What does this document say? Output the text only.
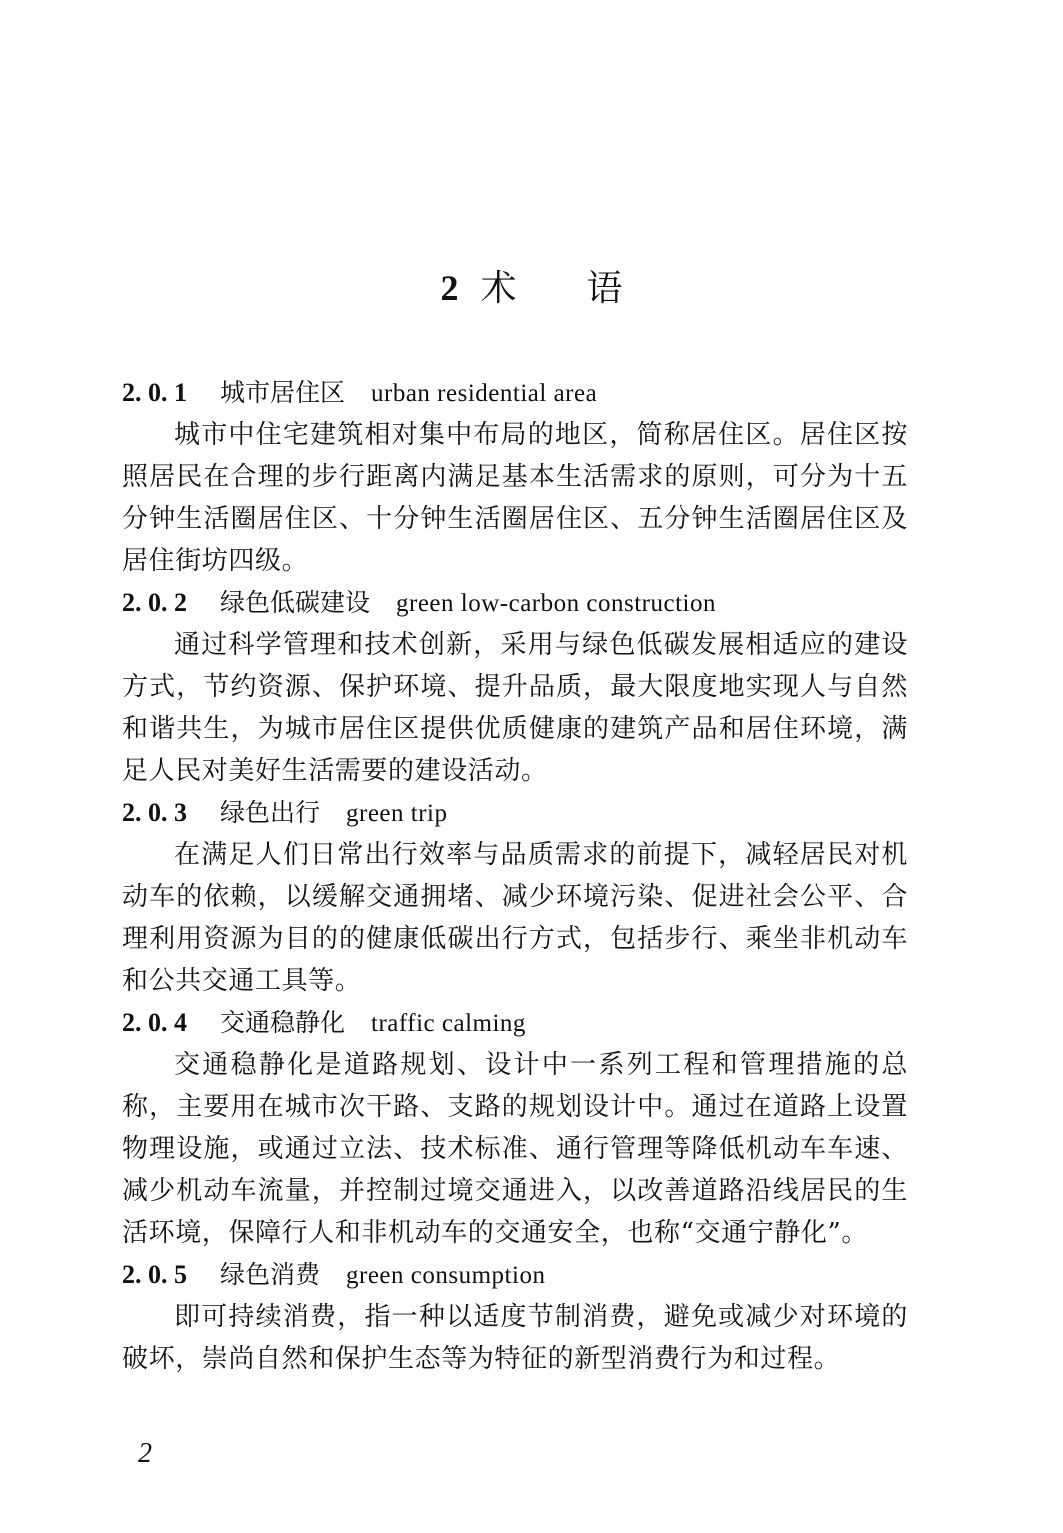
2 术 语
2. 0. 1 城市居住区 urban residential area

城市中住宅建筑相对集中布局的地区，简称居住区。居住区按照居民在合理的步行距离内满足基本生活需求的原则，可分为十五分钟生活圈居住区、十分钟生活圈居住区、五分钟生活圈居住区及居住街坊四级。

2. 0. 2 绿色低碳建设 green low-carbon construction

通过科学管理和技术创新，采用与绿色低碳发展相适应的建设方式，节约资源、保护环境、提升品质，最大限度地实现人与自然和谐共生，为城市居住区提供优质健康的建筑产品和居住环境，满足人民对美好生活需要的建设活动。

2. 0. 3 绿色出行 green trip

在满足人们日常出行效率与品质需求的前提下，减轻居民对机动车的依赖，以缓解交通拥堵、减少环境污染、促进社会公平、合理利用资源为目的的健康低碳出行方式，包括步行、乘坐非机动车和公共交通工具等。

2. 0. 4 交通稳静化 traffic calming

交通稳静化是道路规划、设计中一系列工程和管理措施的总称，主要用在城市次干路、支路的规划设计中。通过在道路上设置物理设施，或通过立法、技术标准、通行管理等降低机动车车速、减少机动车流量，并控制过境交通进入，以改善道路沿线居民的生活环境，保障行人和非机动车的交通安全，也称“交通宁静化”。

2. 0. 5 绿色消费 green consumption

即可持续消费，指一种以适度节制消费，避免或减少对环境的破坏，崇尚自然和保护生态等为特征的新型消费行为和过程。

2
